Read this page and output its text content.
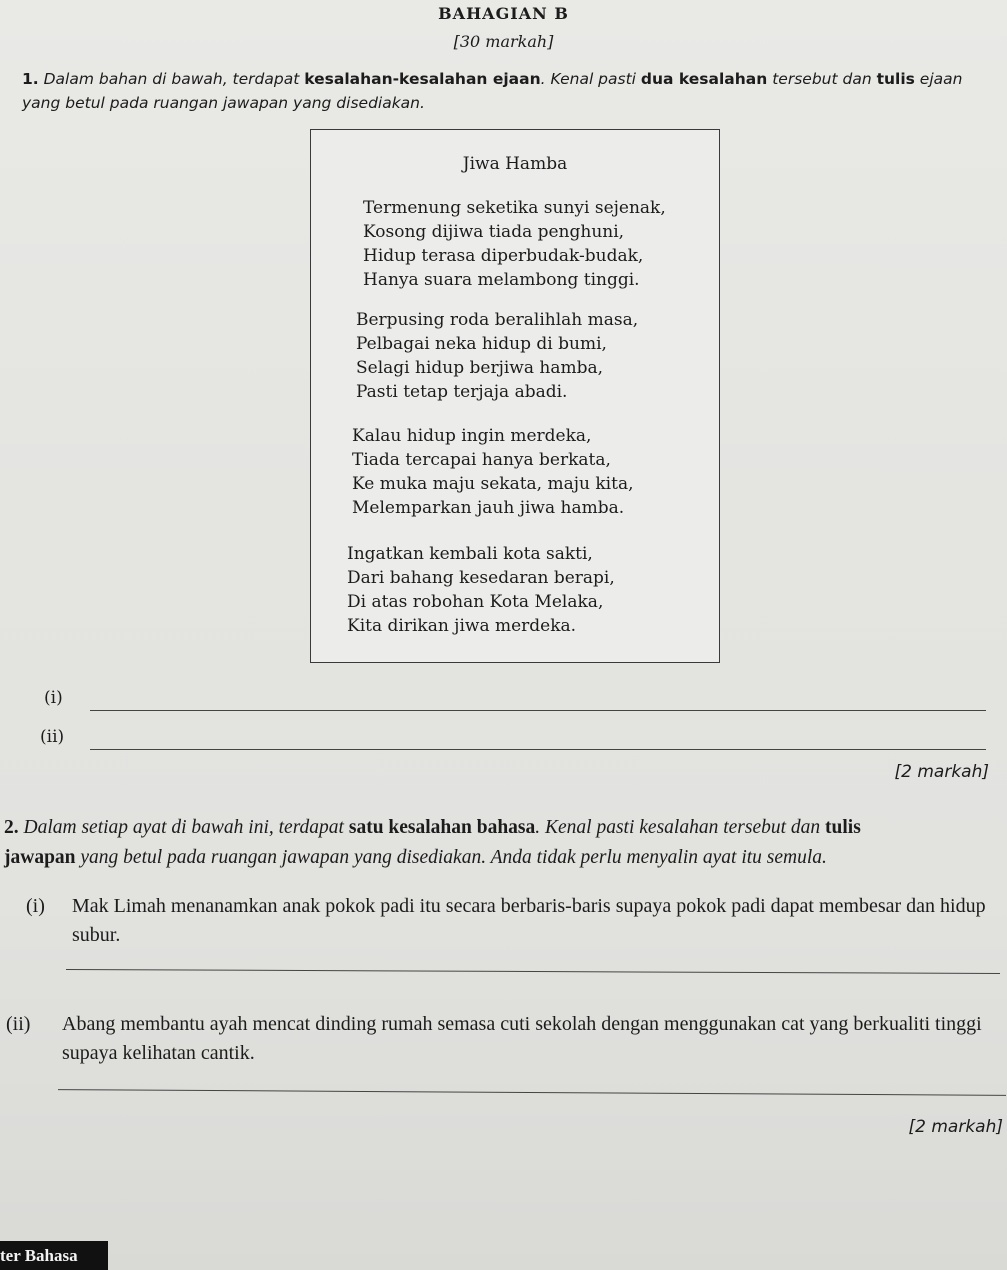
BAHAGIAN B
[30 markah]
1. Dalam bahan di bawah, terdapat kesalahan-kesalahan ejaan. Kenal pasti dua kesalahan tersebut dan tulis ejaan yang betul pada ruangan jawapan yang disediakan.
Jiwa Hamba
Termenung seketika sunyi sejenak,
Kosong dijiwa tiada penghuni,
Hidup terasa diperbudak-budak,
Hanya suara melambong tinggi.
Berpusing roda beralihlah masa,
Pelbagai neka hidup di bumi,
Selagi hidup berjiwa hamba,
Pasti tetap terjaja abadi.
Kalau hidup ingin merdeka,
Tiada tercapai hanya berkata,
Ke muka maju sekata, maju kita,
Melemparkan jauh jiwa hamba.
Ingatkan kembali kota sakti,
Dari bahang kesedaran berapi,
Di atas robohan Kota Melaka,
Kita dirikan jiwa merdeka.
(i)
(ii)
[2 markah]
2. Dalam setiap ayat di bawah ini, terdapat satu kesalahan bahasa. Kenal pasti kesalahan tersebut dan tulis
jawapan yang betul pada ruangan jawapan yang disediakan. Anda tidak perlu menyalin ayat itu semula.
(i) Mak Limah menanamkan anak pokok padi itu secara berbaris-baris supaya pokok padi dapat membesar dan hidup subur.
(ii) Abang membantu ayah mencat dinding rumah semasa cuti sekolah dengan menggunakan cat yang berkualiti tinggi supaya kelihatan cantik.
[2 markah]
ter Bahasa
